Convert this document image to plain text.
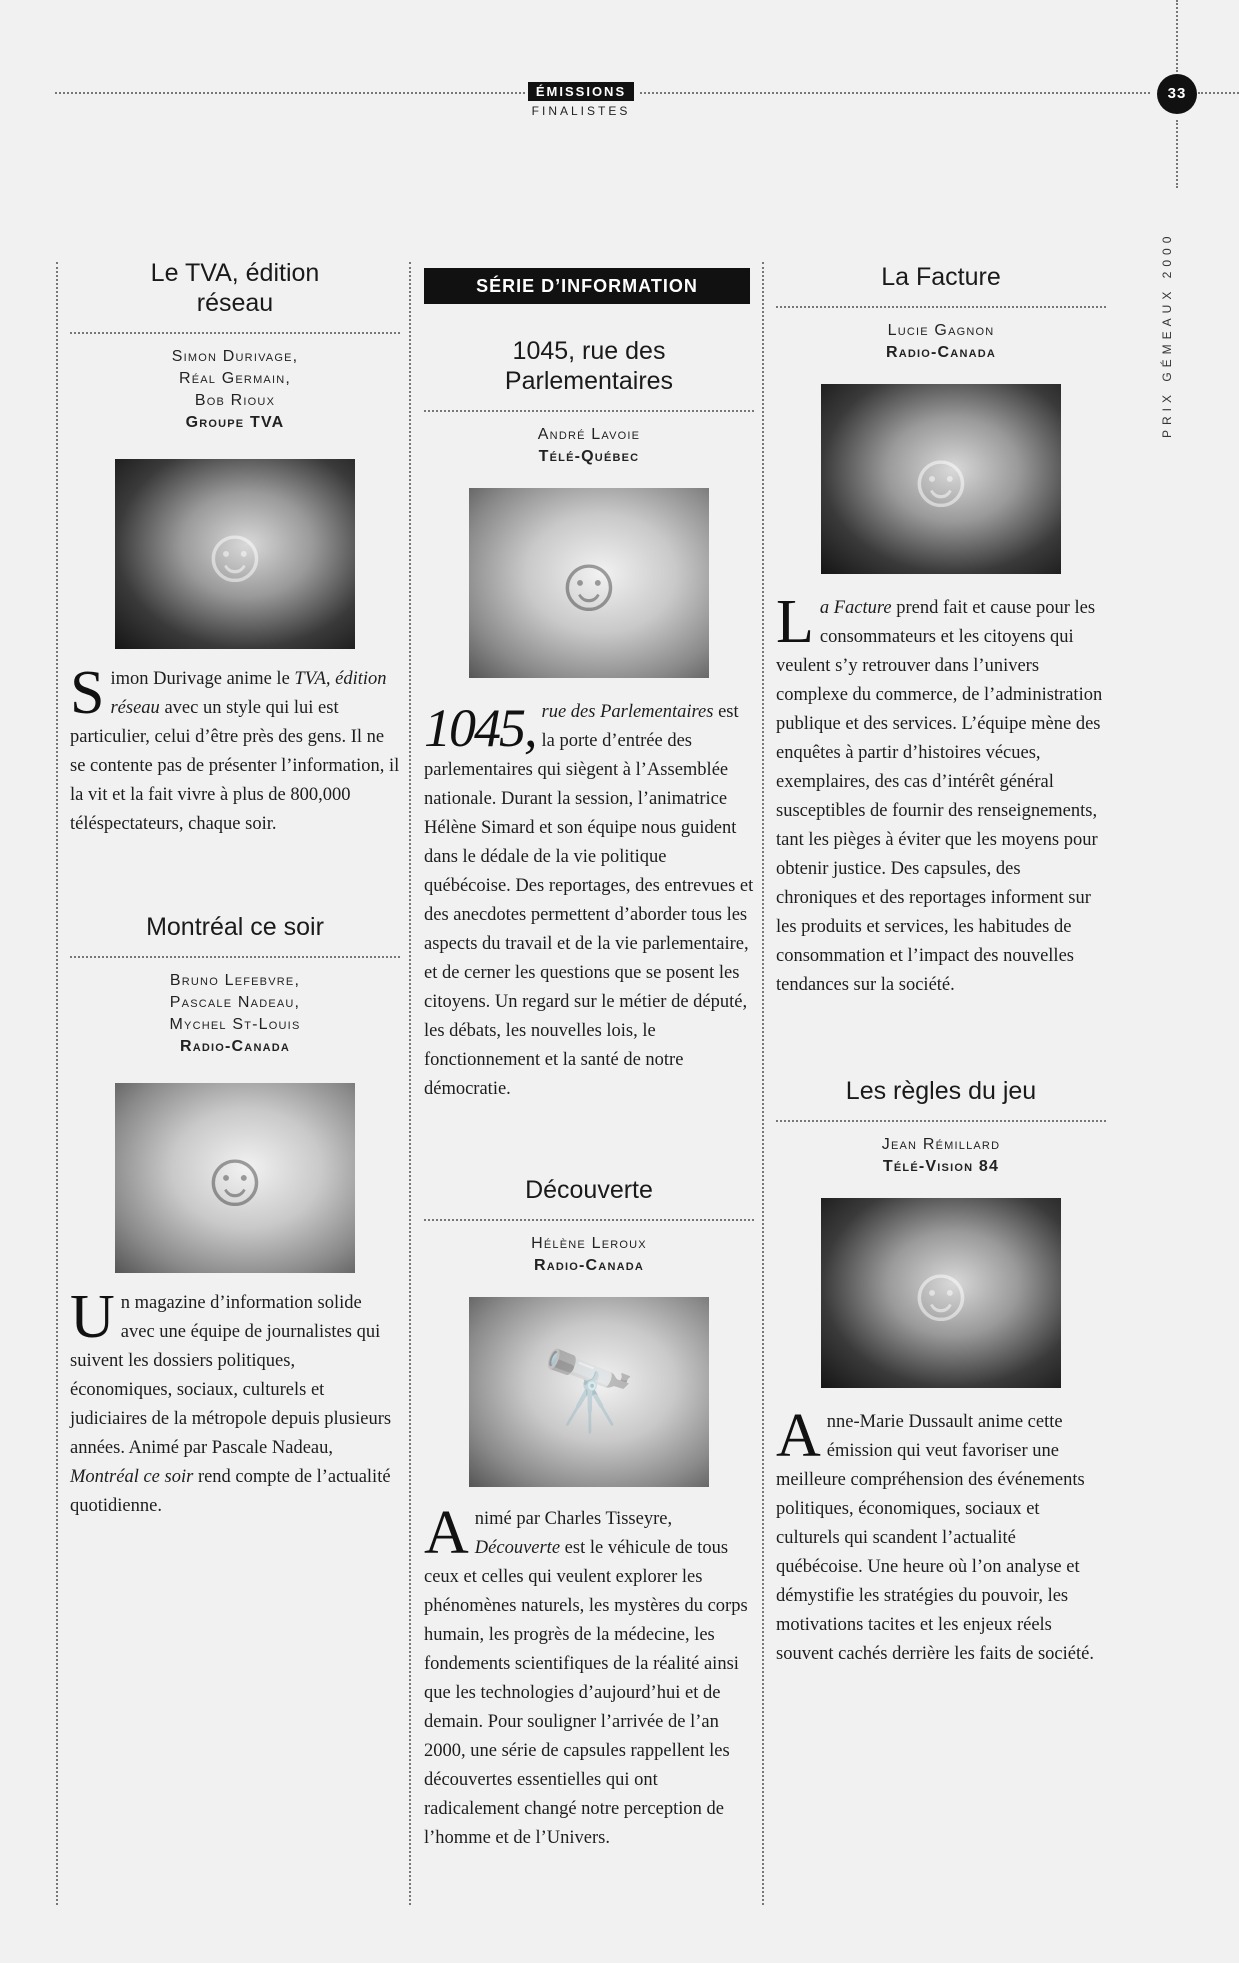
ÉMISSIONS
FINALISTES
33
PRIX GÉMEAUX 2000
Le TVA, édition réseau
Simon Durivage,
Réal Germain,
Bob Rioux
Groupe TVA
☺
Simon Durivage anime le TVA, édition réseau avec un style qui lui est particulier, celui d’être près des gens. Il ne se contente pas de présenter l’information, il la vit et la fait vivre à plus de 800,000 téléspectateurs, chaque soir.
Montréal ce soir
Bruno Lefebvre,
Pascale Nadeau,
Mychel St-Louis
Radio-Canada
☺
Un magazine d’information solide avec une équipe de journalistes qui suivent les dossiers politiques, économiques, sociaux, culturels et judiciaires de la métropole depuis plusieurs années. Animé par Pascale Nadeau, Montréal ce soir rend compte de l’actualité quotidienne.
SÉRIE D’INFORMATION
1045, rue des Parlementaires
André Lavoie
Télé-Québec
☺
1045, rue des Parlementaires est la porte d’entrée des parlementaires qui siègent à l’Assemblée nationale. Durant la session, l’animatrice Hélène Simard et son équipe nous guident dans le dédale de la vie politique québécoise. Des reportages, des entrevues et des anecdotes permettent d’aborder tous les aspects du travail et de la vie parlementaire, et de cerner les questions que se posent les citoyens. Un regard sur le métier de député, les débats, les nouvelles lois, le fonctionnement et la santé de notre démocratie.
Découverte
Hélène Leroux
Radio-Canada
🔭
Animé par Charles Tisseyre, Découverte est le véhicule de tous ceux et celles qui veulent explorer les phénomènes naturels, les mystères du corps humain, les progrès de la médecine, les fondements scientifiques de la réalité ainsi que les technologies d’aujourd’hui et de demain. Pour souligner l’arrivée de l’an 2000, une série de capsules rappellent les découvertes essentielles qui ont radicalement changé notre perception de l’homme et de l’Univers.
La Facture
Lucie Gagnon
Radio-Canada
☺
La Facture prend fait et cause pour les consommateurs et les citoyens qui veulent s’y retrouver dans l’univers complexe du commerce, de l’administration publique et des services. L’équipe mène des enquêtes à partir d’histoires vécues, exemplaires, des cas d’intérêt général susceptibles de fournir des renseignements, tant les pièges à éviter que les moyens pour obtenir justice. Des capsules, des chroniques et des reportages informent sur les produits et services, les habitudes de consommation et l’impact des nouvelles tendances sur la société.
Les règles du jeu
Jean Rémillard
Télé-Vision 84
☺
Anne-Marie Dussault anime cette émission qui veut favoriser une meilleure compréhension des événements politiques, économiques, sociaux et culturels qui scandent l’actualité québécoise. Une heure où l’on analyse et démystifie les stratégies du pouvoir, les motivations tacites et les enjeux réels souvent cachés derrière les faits de société.
